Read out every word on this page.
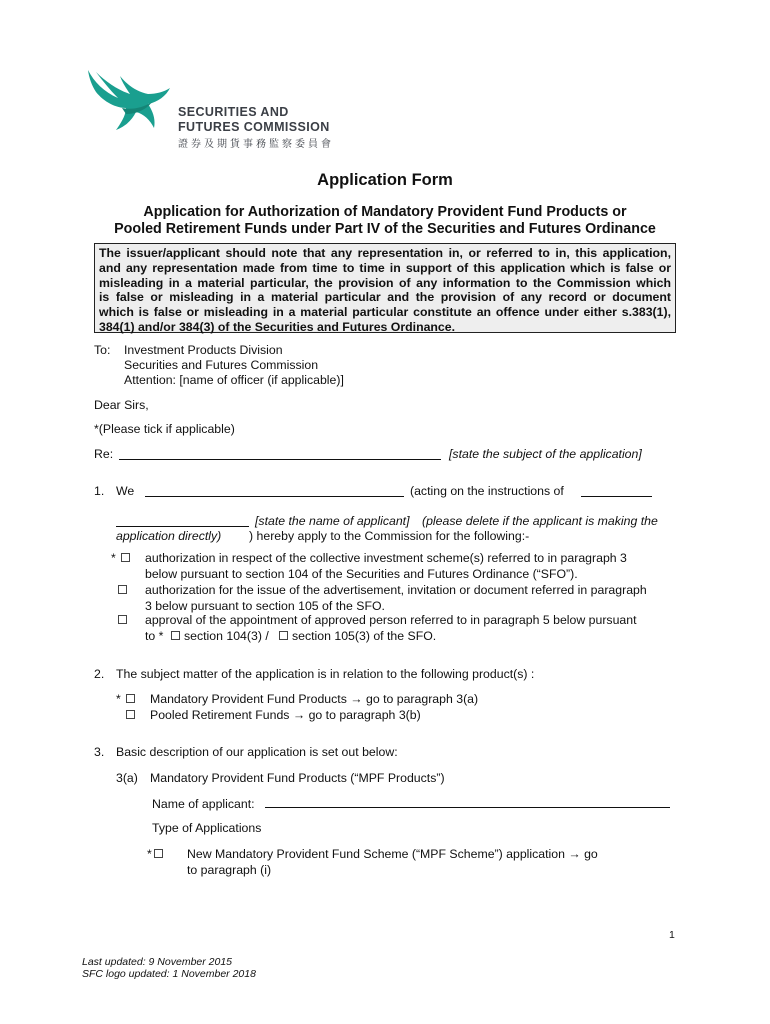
SECURITIES AND
FUTURES COMMISSION
證券及期貨事務監察委員會
Application Form
Application for Authorization of Mandatory Provident Fund Products or
Pooled Retirement Funds under Part IV of the Securities and Futures Ordinance

The issuer/applicant should note that any representation in, or referred to in, this application,

and any representation made from time to time in support of this application which is false or

misleading in a material particular, the provision of any information to the Commission which

is false or misleading in a material particular and the provision of any record or document

which is false or misleading in a material particular constitute an offence under either s.383(1),

384(1) and/or 384(3) of the Securities and Futures Ordinance.

To: Investment Products Division
Securities and Futures Commission
Attention: [name of officer (if applicable)]
Dear Sirs,
*(Please tick if applicable)
Re:	[state the subject of the application]
1. We	(acting on the instructions of
[state the name of applicant] (please delete if the applicant is making the
application directly) ) hereby apply to the Commission for the following:-
* authorization in respect of the collective investment scheme(s) referred to in paragraph 3
below pursuant to section 104 of the Securities and Futures Ordinance (“SFO”).
authorization for the issue of the advertisement, invitation or document referred in paragraph
3 below pursuant to section 105 of the SFO.
approval of the appointment of approved person referred to in paragraph 5 below pursuant
to * section 104(3) / section 105(3) of the SFO.
2. The subject matter of the application is in relation to the following product(s) :
* Mandatory Provident Fund Products → go to paragraph 3(a)
Pooled Retirement Funds → go to paragraph 3(b)
3. Basic description of our application is set out below:
3(a) Mandatory Provident Fund Products (“MPF Products”)
Name of applicant:
Type of Applications
*	New Mandatory Provident Fund Scheme (“MPF Scheme”) application → go
to paragraph (i)
1
Last updated: 9 November 2015
SFC logo updated: 1 November 2018
